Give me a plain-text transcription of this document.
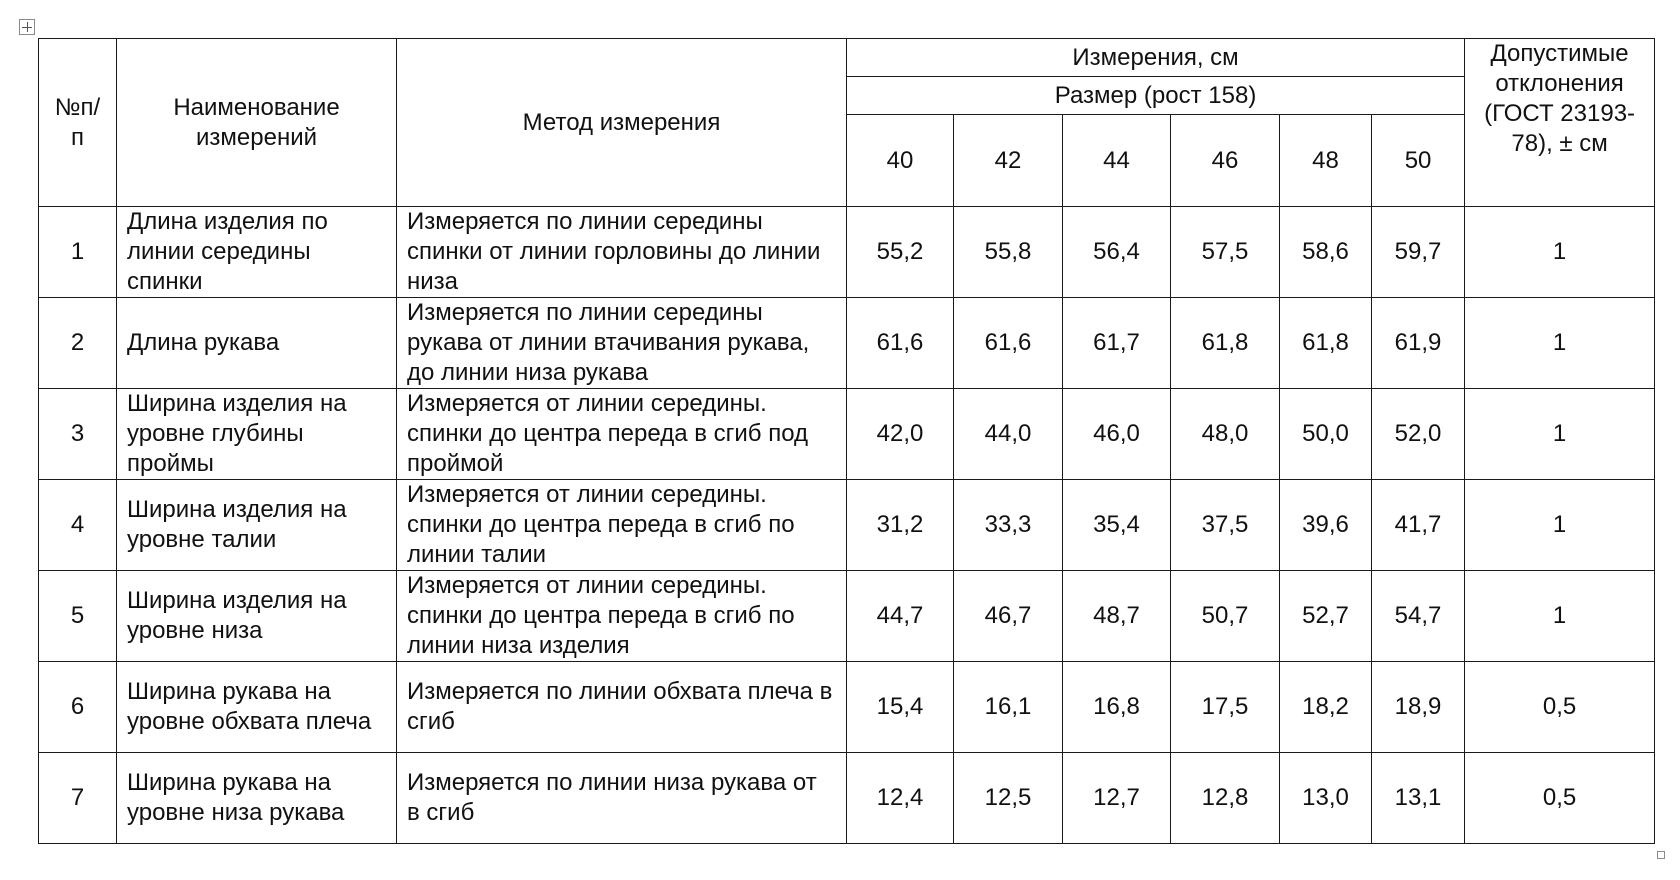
№п/п	Наименование измерений	Метод измерения	Измерения, см						Допустимые отклонения (ГОСТ 23193-78), ± см
			Размер (рост 158)						
			40	42	44	46	48	50	
1	Длина изделия по линии середины спинки	Измеряется по линии середины спинки от линии горловины до линии низа	55,2	55,8	56,4	57,5	58,6	59,7	1
2	Длина рукава	Измеряется по линии середины рукава от линии втачивания рукава, до линии низа рукава	61,6	61,6	61,7	61,8	61,8	61,9	1
3	Ширина изделия на уровне глубины проймы	Измеряется от линии середины. спинки до центра переда в сгиб под проймой	42,0	44,0	46,0	48,0	50,0	52,0	1
4	Ширина изделия на уровне талии	Измеряется от линии середины. спинки до центра переда в сгиб по линии талии	31,2	33,3	35,4	37,5	39,6	41,7	1
5	Ширина изделия на уровне низа	Измеряется от линии середины. спинки до центра переда в сгиб по линии низа изделия	44,7	46,7	48,7	50,7	52,7	54,7	1
6	Ширина рукава на уровне обхвата плеча	Измеряется по линии обхвата плеча в сгиб	15,4	16,1	16,8	17,5	18,2	18,9	0,5
7	Ширина рукава на уровне низа рукава	Измеряется по линии низа рукава от в сгиб	12,4	12,5	12,7	12,8	13,0	13,1	0,5
